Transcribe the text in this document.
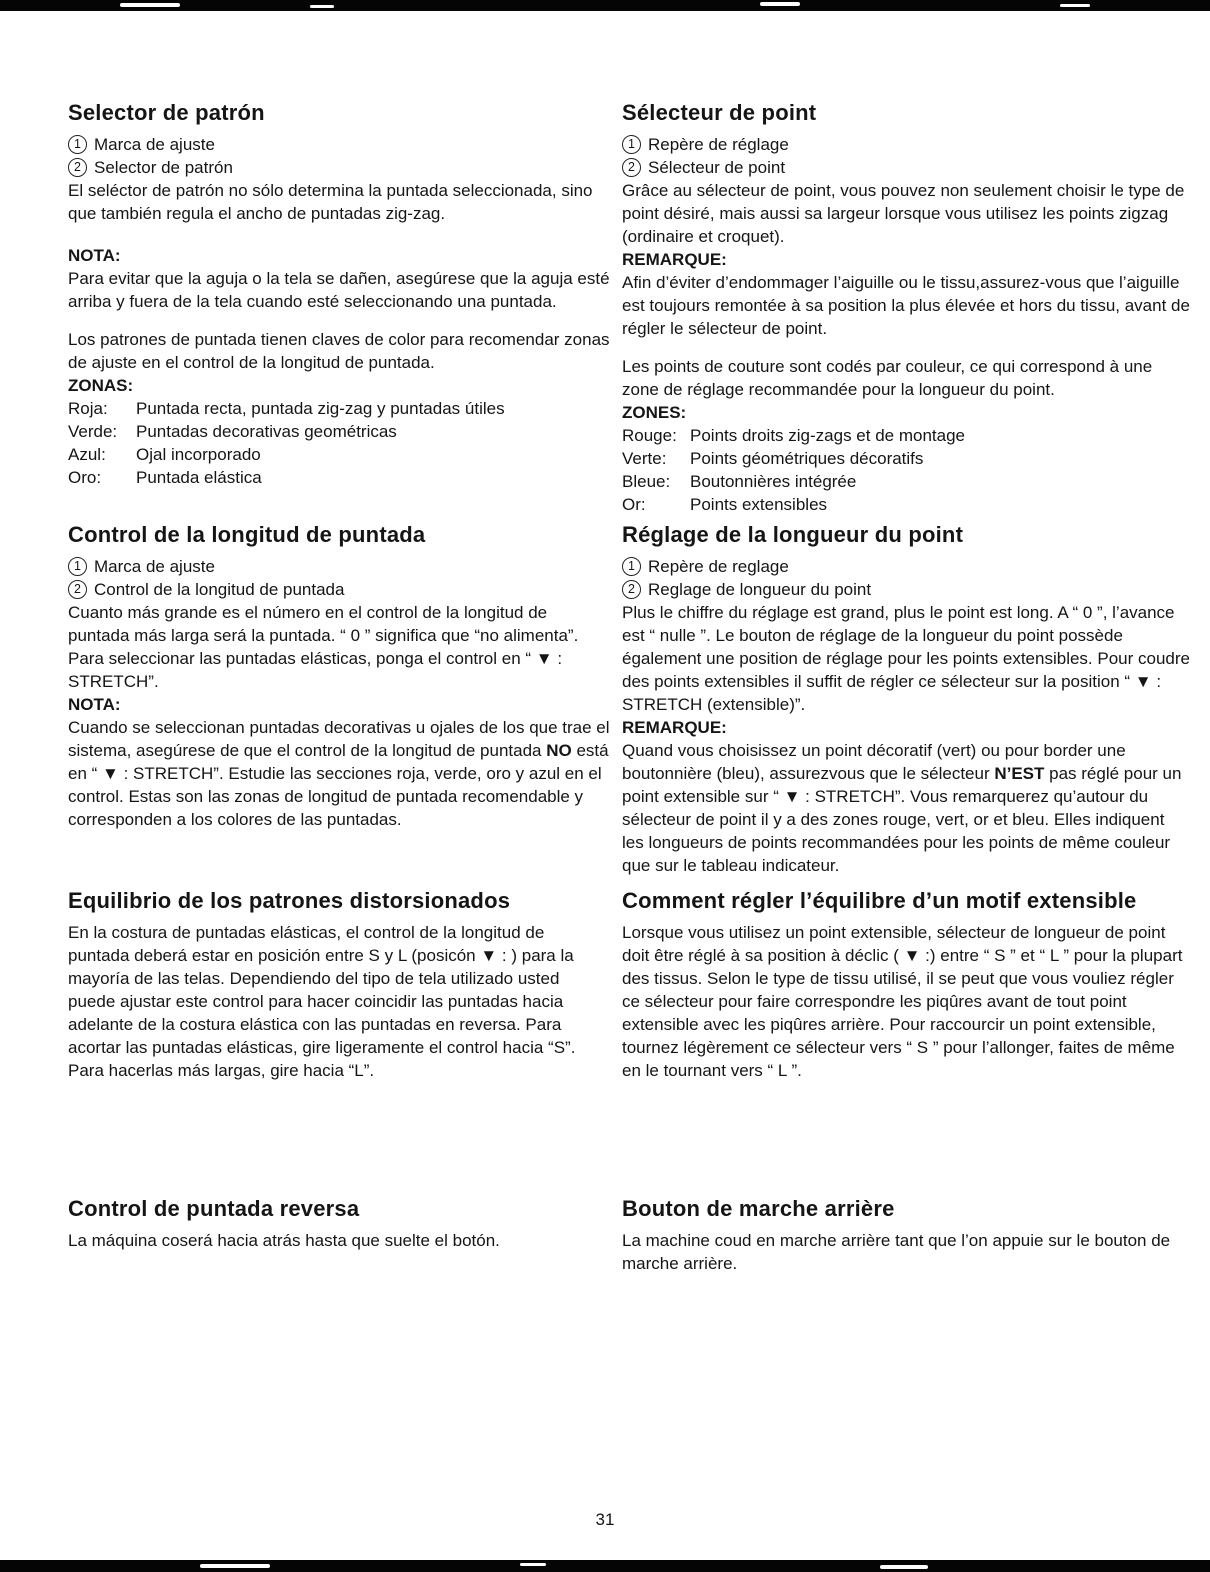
Selector de patrón
1 Marca de ajuste
2 Selector de patrón

El seléctor de patrón no sólo determina la puntada seleccionada, sino que también regula el ancho de puntadas zig-zag.

NOTA:

Para evitar que la aguja o la tela se dañen, asegúrese que la aguja esté arriba y fuera de la tela cuando esté seleccionando una puntada.

Los patrones de puntada tienen claves de color para recomendar zonas de ajuste en el control de la longitud de puntada.

ZONAS:
Roja:	Puntada recta, puntada zig-zag y puntadas útiles
Verde:	Puntadas decorativas geométricas
Azul:	Ojal incorporado
Oro:	Puntada elástica
Sélecteur de point
1 Repère de réglage
2 Sélecteur de point

Grâce au sélecteur de point, vous pouvez non seulement choisir le type de point désiré, mais aussi sa largeur lorsque vous utilisez les points zigzag (ordinaire et croquet).

REMARQUE:

Afin d’éviter d’endommager l’aiguille ou le tissu,assurez-vous que l’aiguille est toujours remontée à sa position la plus élevée et hors du tissu, avant de régler le sélecteur de point.

Les points de couture sont codés par couleur, ce qui correspond à une zone de réglage recommandée pour la longueur du point.

ZONES:
Rouge: Points droits zig-zags et de montage
Verte:	Points géométriques décoratifs
Bleue:	Boutonnières intégrée
Or:	Points extensibles
Control de la longitud de puntada
1 Marca de ajuste
2 Control de la longitud de puntada

Cuanto más grande es el número en el control de la longitud de puntada más larga será la puntada. “ 0 ” significa que “no alimenta”. Para seleccionar las puntadas elásticas, ponga el control en “ ▼ : STRETCH”.

NOTA:

Cuando se seleccionan puntadas decorativas u ojales de los que trae el sistema, asegúrese de que el control de la longitud de puntada NO está en “ ▼ : STRETCH”. Estudie las secciones roja, verde, oro y azul en el control. Estas son las zonas de longitud de puntada recomendable y corresponden a los colores de las puntadas.

Réglage de la longueur du point
1 Repère de reglage
2 Reglage de longueur du point

Plus le chiffre du réglage est grand, plus le point est long. A “ 0 ”, l’avance est “ nulle ”. Le bouton de réglage de la longueur du point possède également une position de réglage pour les points extensibles. Pour coudre des points extensibles il suffit de régler ce sélecteur sur la position “ ▼ : STRETCH (extensible)”.

REMARQUE:

Quand vous choisissez un point décoratif (vert) ou pour border une boutonnière (bleu), assurezvous que le sélecteur N’EST pas réglé pour un point extensible sur “ ▼ : STRETCH”. Vous remarquerez qu’autour du sélecteur de point il y a des zones rouge, vert, or et bleu. Elles indiquent les longueurs de points recommandées pour les points de même couleur que sur le tableau indicateur.

Equilibrio de los patrones distorsionados

En la costura de puntadas elásticas, el control de la longitud de puntada deberá estar en posición entre S y L (posicón ▼ : ) para la mayoría de las telas. Dependiendo del tipo de tela utilizado usted puede ajustar este control para hacer coincidir las puntadas hacia adelante de la costura elástica con las puntadas en reversa. Para acortar las puntadas elásticas, gire ligeramente el control hacia “S”. Para hacerlas más largas, gire hacia “L”.

Comment régler l’équilibre d’un motif extensible

Lorsque vous utilisez un point extensible, sélecteur de longueur de point doit être réglé à sa position à déclic ( ▼ :) entre “ S ” et “ L ” pour la plupart des tissus. Selon le type de tissu utilisé, il se peut que vous vouliez régler ce sélecteur pour faire correspondre les piqûres avant de tout point extensible avec les piqûres arrière. Pour raccourcir un point extensible, tournez légèrement ce sélecteur vers “ S ” pour l’allonger, faites de même en le tournant vers “ L ”.

Control de puntada reversa

La máquina coserá hacia atrás hasta que suelte el botón.

Bouton de marche arrière

La machine coud en marche arrière tant que l’on appuie sur le bouton de marche arrière.

31
